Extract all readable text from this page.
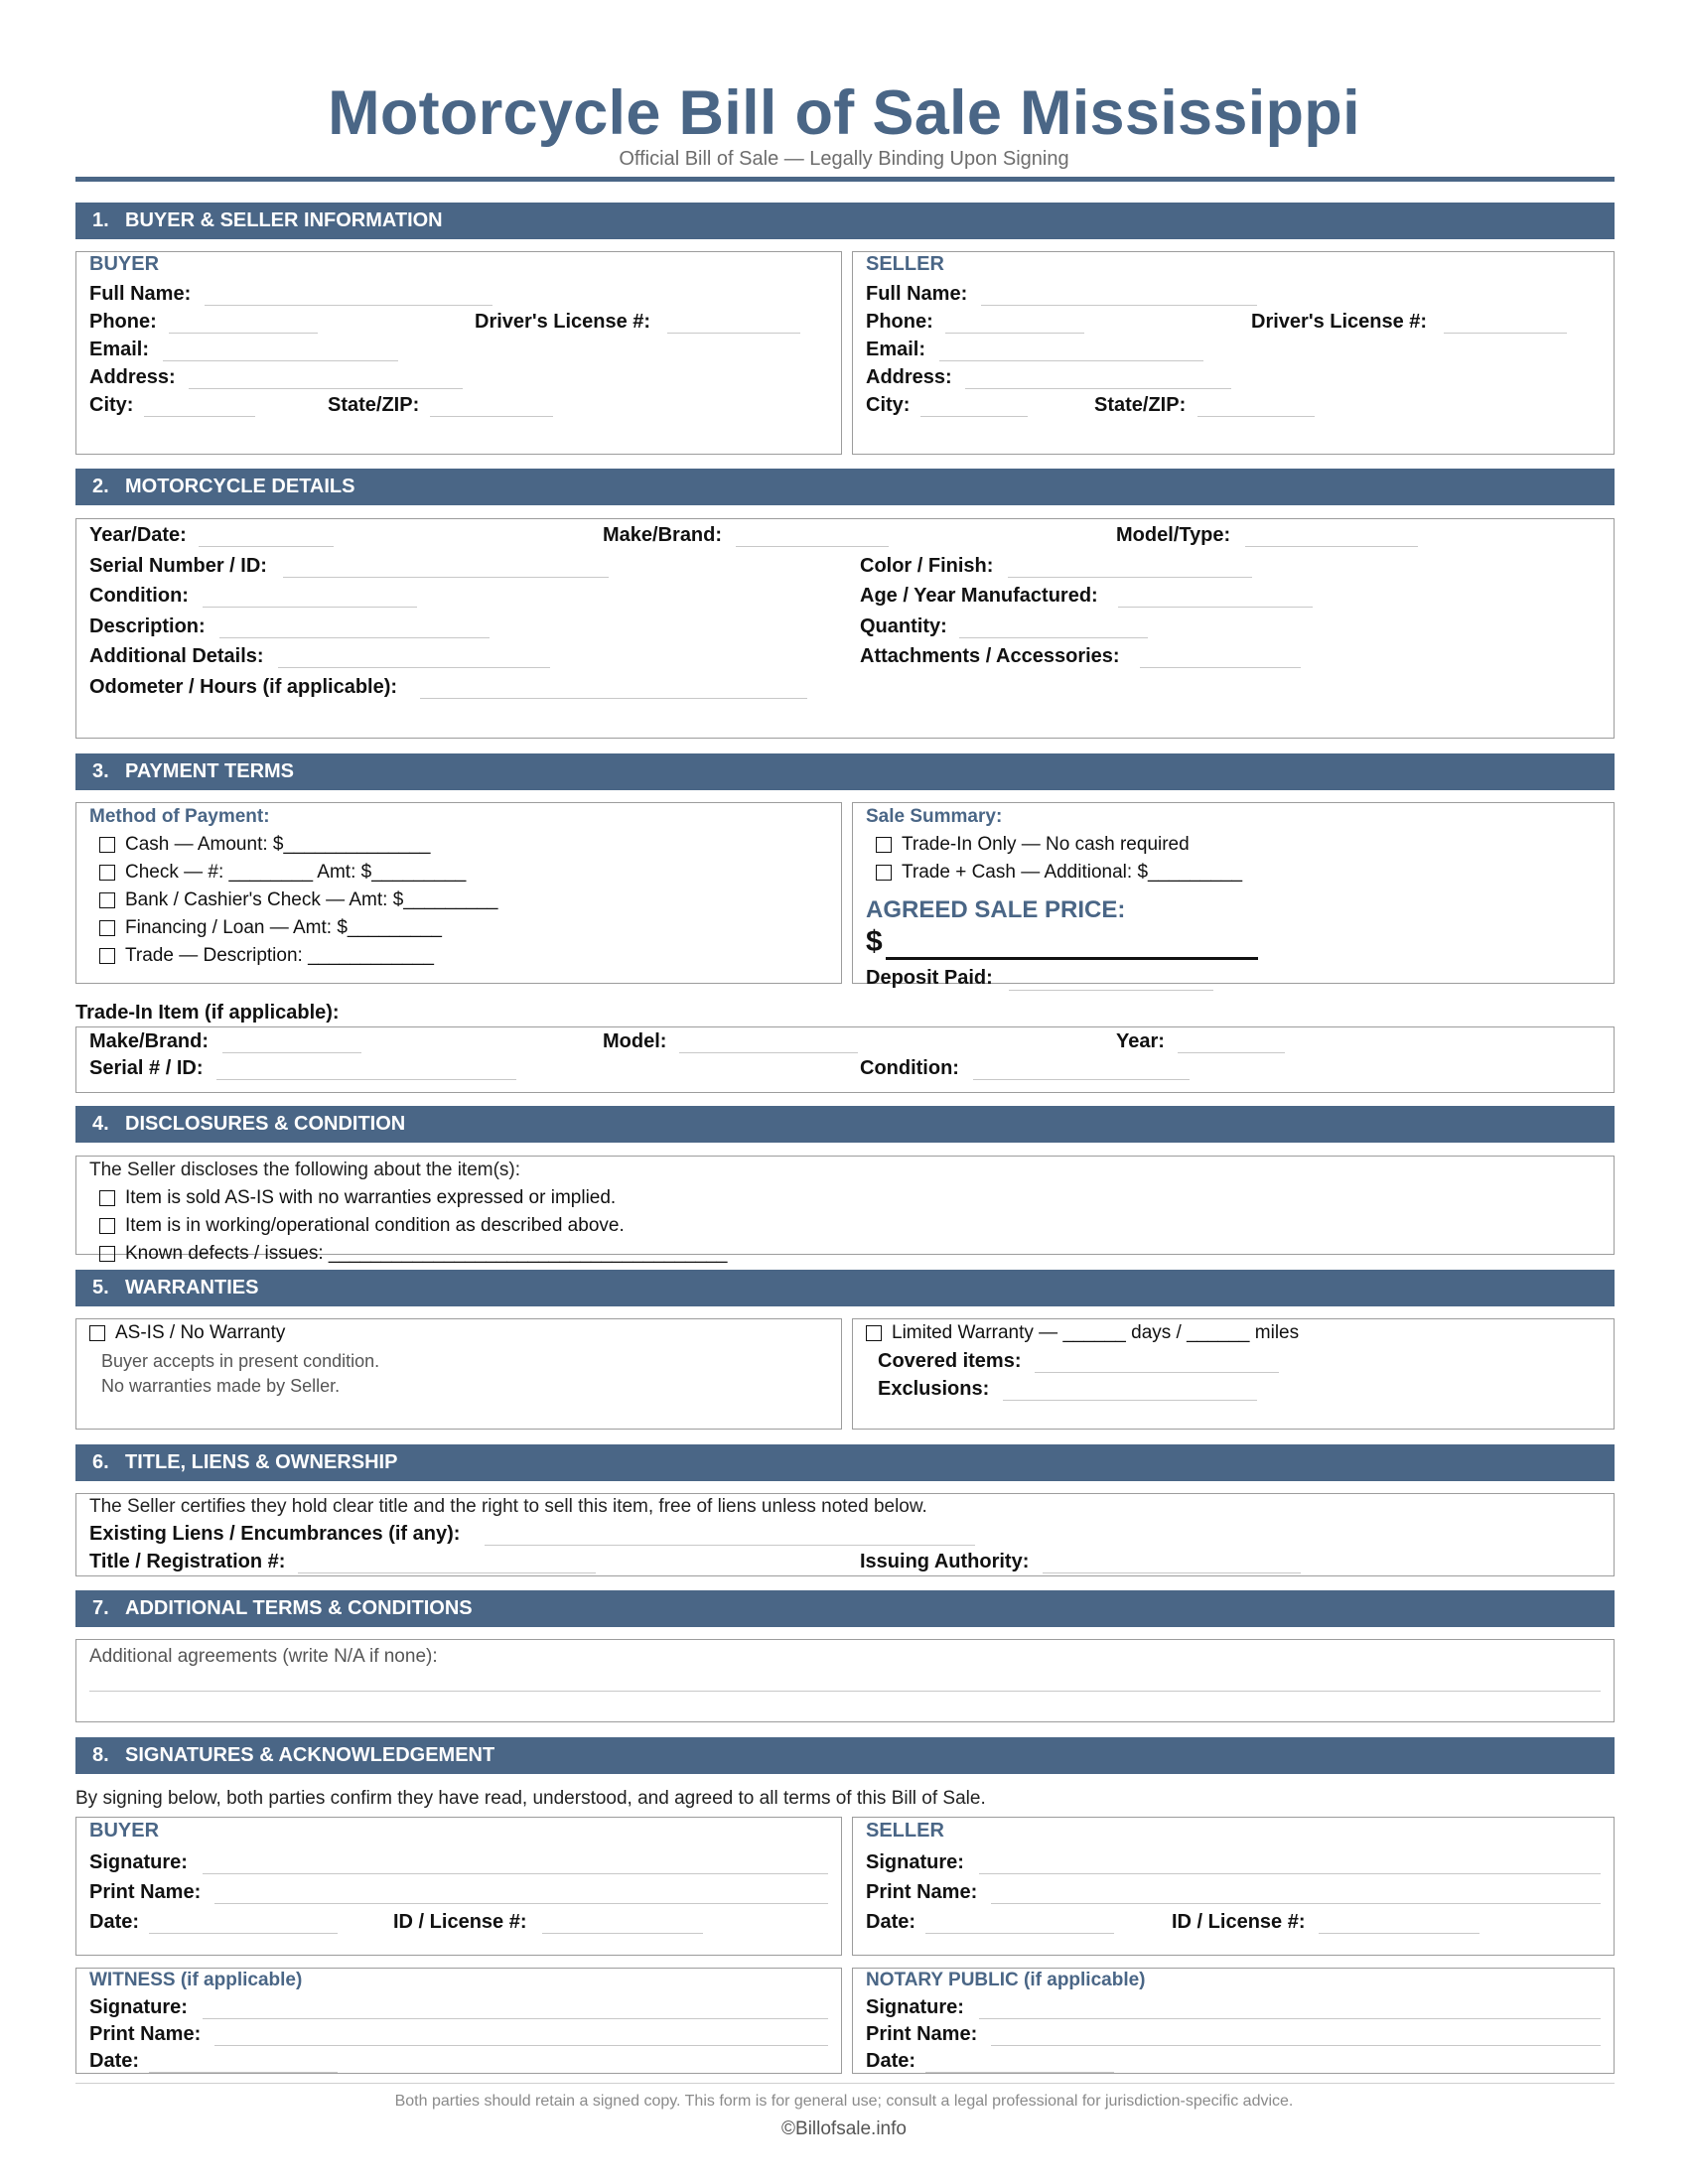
Motorcycle Bill of Sale Mississippi
Official Bill of Sale — Legally Binding Upon Signing
1. BUYER & SELLER INFORMATION
BUYER
Full Name:
Phone:	Driver's License #:
Email:
Address:
City:	State/ZIP:
SELLER
Full Name:
Phone:	Driver's License #:
Email:
Address:
City:	State/ZIP:
2. MOTORCYCLE DETAILS
Year/Date:	Make/Brand:	Model/Type:
Serial Number / ID:	Color / Finish:
Condition:	Age / Year Manufactured:
Description:	Quantity:
Additional Details:	Attachments / Accessories:
Odometer / Hours (if applicable):
3. PAYMENT TERMS
Method of Payment:
Cash — Amount: $______________
Check — #: ________ Amt: $_________
Bank / Cashier's Check — Amt: $_________
Financing / Loan — Amt: $_________
Trade — Description: ____________
Sale Summary:
Trade-In Only — No cash required
Trade + Cash — Additional: $_________
AGREED SALE PRICE:
$
Deposit Paid:
Trade-In Item (if applicable):
Make/Brand:	Model:	Year:
Serial # / ID:	Condition:
4. DISCLOSURES & CONDITION
The Seller discloses the following about the item(s):
Item is sold AS-IS with no warranties expressed or implied.
Item is in working/operational condition as described above.
Known defects / issues: ______________________________________
5. WARRANTIES
AS-IS / No Warranty
Buyer accepts in present condition.
No warranties made by Seller.
Limited Warranty — ______ days / ______ miles
Covered items:
Exclusions:
6. TITLE, LIENS & OWNERSHIP
The Seller certifies they hold clear title and the right to sell this item, free of liens unless noted below.
Existing Liens / Encumbrances (if any):
Title / Registration #:	Issuing Authority:
7. ADDITIONAL TERMS & CONDITIONS
Additional agreements (write N/A if none):
8. SIGNATURES & ACKNOWLEDGEMENT
By signing below, both parties confirm they have read, understood, and agreed to all terms of this Bill of Sale.
BUYER
Signature:
Print Name:
Date:	ID / License #:
SELLER
Signature:
Print Name:
Date:	ID / License #:
WITNESS (if applicable)
Signature:
Print Name:
Date:
NOTARY PUBLIC (if applicable)
Signature:
Print Name:
Date:
Both parties should retain a signed copy. This form is for general use; consult a legal professional for jurisdiction-specific advice.
©Billofsale.info
